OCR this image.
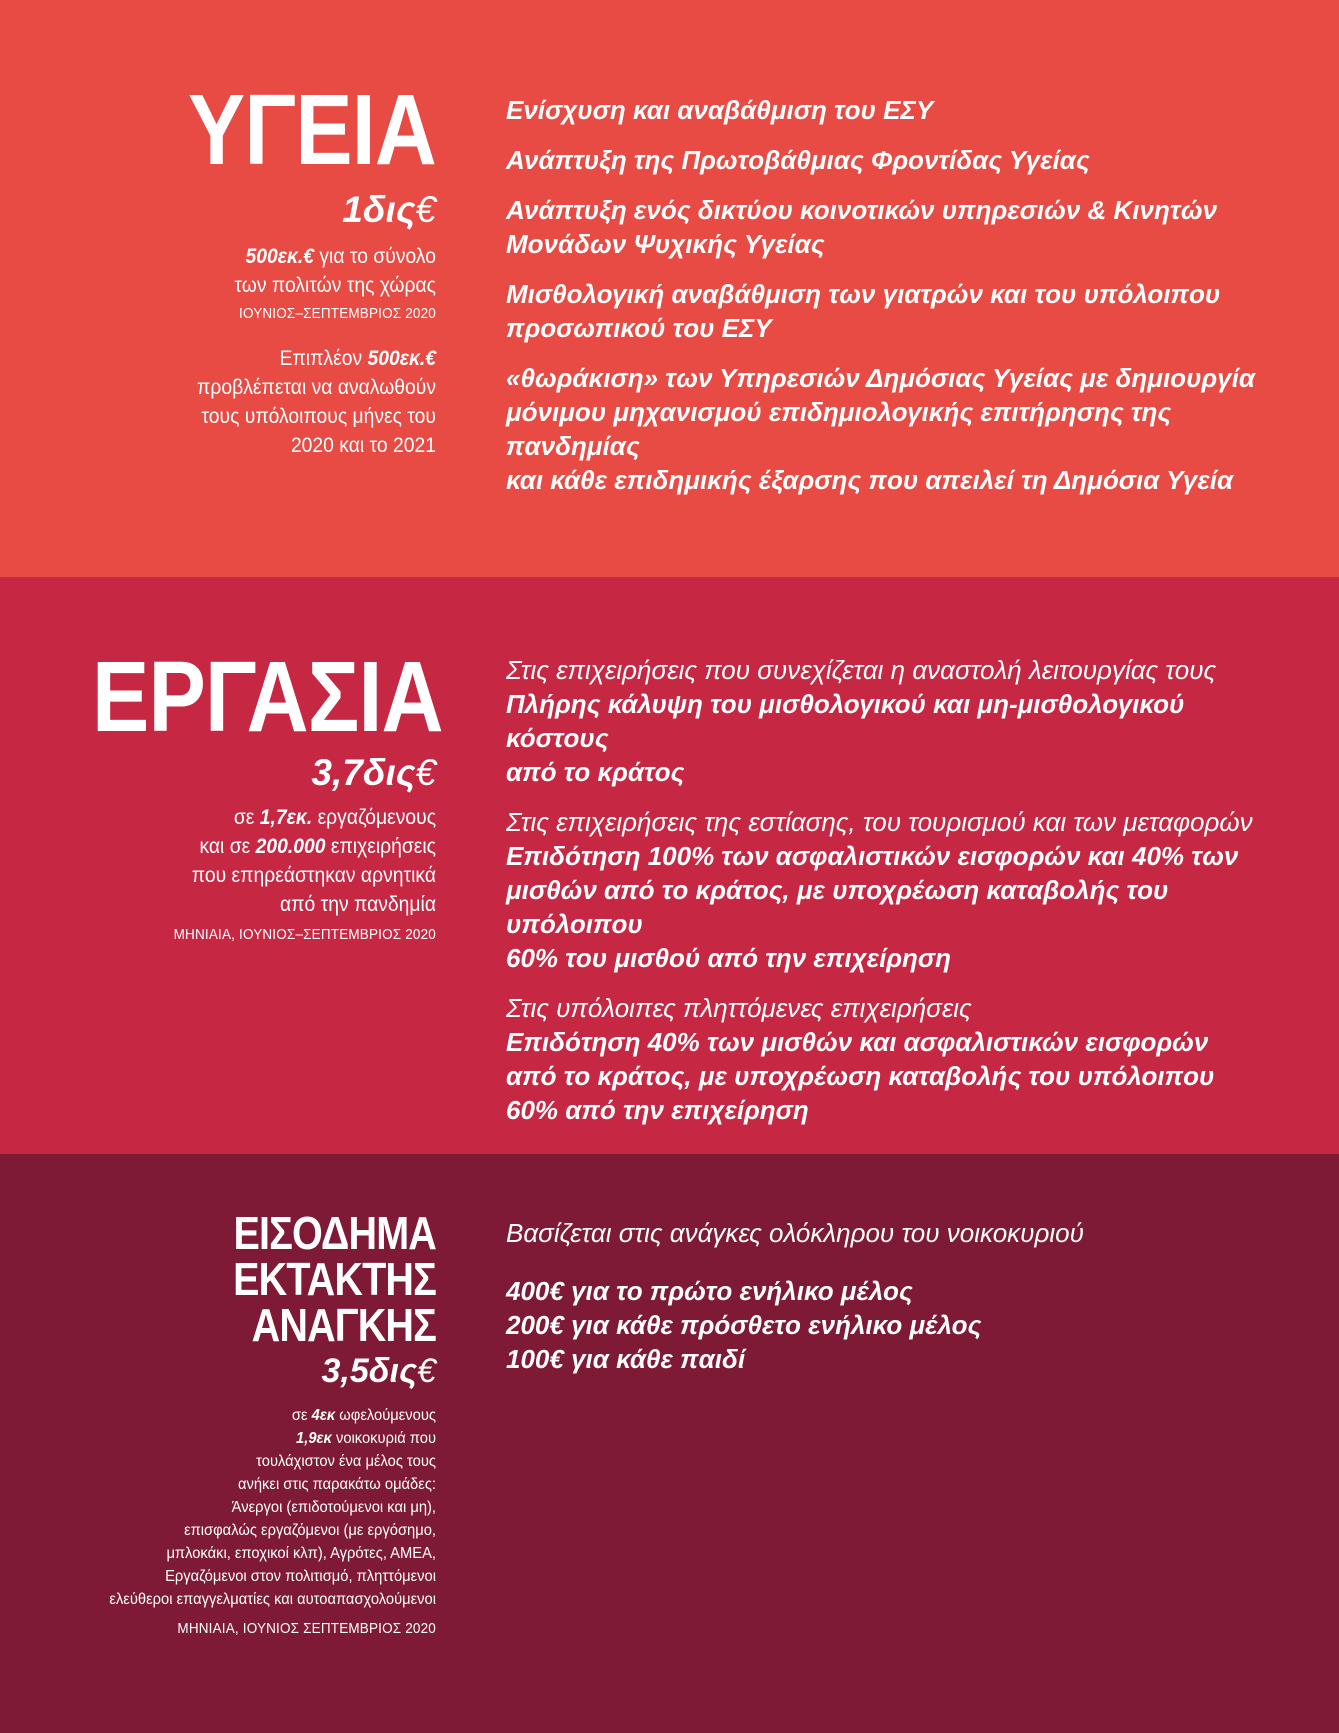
ΥΓΕΙΑ
1δις€
500εκ.€ για το σύνολο
των πολιτών της χώρας
ΙΟΥΝΙΟΣ–ΣΕΠΤΕΜΒΡΙΟΣ 2020
Επιπλέον 500εκ.€
προβλέπεται να αναλωθούν
τους υπόλοιπους μήνες του
2020 και το 2021
Ενίσχυση και αναβάθμιση του ΕΣΥ
Ανάπτυξη της Πρωτοβάθμιας Φροντίδας Υγείας
Ανάπτυξη ενός δικτύου κοινοτικών υπηρεσιών & Κινητών
Μονάδων Ψυχικής Υγείας
Μισθολογική αναβάθμιση των γιατρών και του υπόλοιπου
προσωπικού του ΕΣΥ
«θωράκιση» των Υπηρεσιών Δημόσιας Υγείας με δημιουργία
μόνιμου μηχανισμού επιδημιολογικής επιτήρησης της πανδημίας
και κάθε επιδημικής έξαρσης που απειλεί τη Δημόσια Υγεία
ΕΡΓΑΣΙΑ
3,7δις€
σε 1,7εκ. εργαζόμενους
και σε 200.000 επιχειρήσεις
που επηρεάστηκαν αρνητικά
από την πανδημία
ΜΗΝΙΑΙΑ, ΙΟΥΝΙΟΣ–ΣΕΠΤΕΜΒΡΙΟΣ 2020
Στις επιχειρήσεις που συνεχίζεται η αναστολή λειτουργίας τους
Πλήρης κάλυψη του μισθολογικού και μη-μισθολογικού κόστους
από το κράτος
Στις επιχειρήσεις της εστίασης, του τουρισμού και των μεταφορών
Επιδότηση 100% των ασφαλιστικών εισφορών και 40% των
μισθών από το κράτος, με υποχρέωση καταβολής του υπόλοιπου
60% του μισθού από την επιχείρηση
Στις υπόλοιπες πληττόμενες επιχειρήσεις
Επιδότηση 40% των μισθών και ασφαλιστικών εισφορών
από το κράτος, με υποχρέωση καταβολής του υπόλοιπου
60% από την επιχείρηση
ΕΙΣΟΔΗΜΑ
ΕΚΤΑΚΤΗΣ
ΑΝΑΓΚΗΣ
3,5δις€
σε 4εκ ωφελούμενους
1,9εκ νοικοκυριά που
τουλάχιστον ένα μέλος τους
ανήκει στις παρακάτω ομάδες:
Άνεργοι (επιδοτούμενοι και μη),
επισφαλώς εργαζόμενοι (με εργόσημο,
μπλοκάκι, εποχικοί κλπ), Αγρότες, ΑΜΕΑ,
Εργαζόμενοι στον πολιτισμό, πληττόμενοι
ελεύθεροι επαγγελματίες και αυτοαπασχολούμενοι
ΜΗΝΙΑΙΑ, ΙΟΥΝΙΟΣ ΣΕΠΤΕΜΒΡΙΟΣ 2020
Βασίζεται στις ανάγκες ολόκληρου του νοικοκυριού
400€ για το πρώτο ενήλικο μέλος
200€ για κάθε πρόσθετο ενήλικο μέλος
100€ για κάθε παιδί
